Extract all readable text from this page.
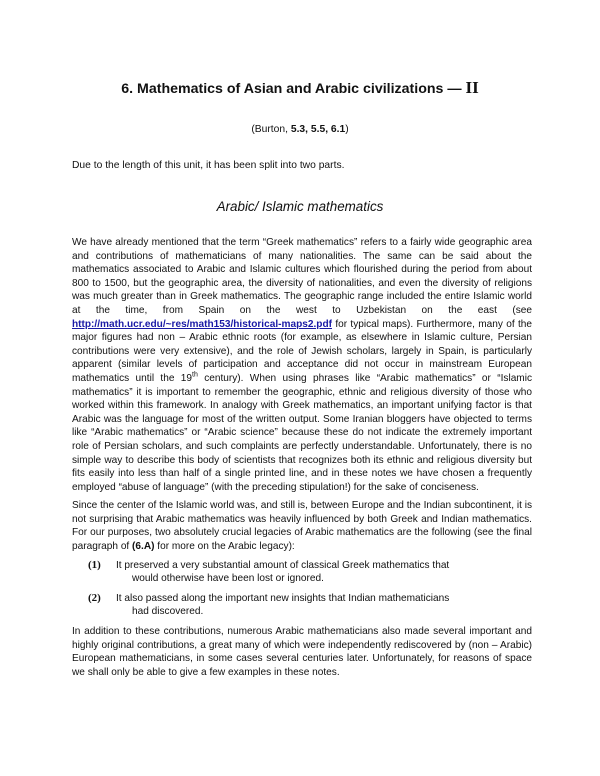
6. Mathematics of Asian and Arabic civilizations — II
(Burton, 5.3, 5.5, 6.1)
Due to the length of this unit, it has been split into two parts.
Arabic/ Islamic mathematics

We have already mentioned that the term “Greek mathematics” refers to a fairly wide geographic area and contributions of mathematicians of many nationalities. The same can be said about the mathematics associated to Arabic and Islamic cultures which flourished during the period from about 800 to 1500, but the geographic area, the diversity of nationalities, and even the diversity of religions was much greater than in Greek mathematics. The geographic range included the entire Islamic world at the time, from Spain on the west to Uzbekistan on the east (see http://math.ucr.edu/~res/math153/historical-maps2.pdf for typical maps). Furthermore, many of the major figures had non – Arabic ethnic roots (for example, as elsewhere in Islamic culture, Persian contributions were very extensive), and the role of Jewish scholars, largely in Spain, is particularly apparent (similar levels of participation and acceptance did not occur in mainstream European mathematics until the 19th century). When using phrases like “Arabic mathematics” or “Islamic mathematics” it is important to remember the geographic, ethnic and religious diversity of those who worked within this framework. In analogy with Greek mathematics, an important unifying factor is that Arabic was the language for most of the written output. Some Iranian bloggers have objected to terms like “Arabic mathematics” or “Arabic science” because these do not indicate the extremely important role of Persian scholars, and such complaints are perfectly understandable. Unfortunately, there is no simple way to describe this body of scientists that recognizes both its ethnic and religious diversity but fits easily into less than half of a single printed line, and in these notes we have chosen a frequently employed “abuse of language” (with the preceding stipulation!) for the sake of conciseness.

Since the center of the Islamic world was, and still is, between Europe and the Indian subcontinent, it is not surprising that Arabic mathematics was heavily influenced by both Greek and Indian mathematics. For our purposes, two absolutely crucial legacies of Arabic mathematics are the following (see the final paragraph of (6.A) for more on the Arabic legacy):

(1) It preserved a very substantial amount of classical Greek mathematics that
would otherwise have been lost or ignored.
(2) It also passed along the important new insights that Indian mathematicians
had discovered.

In addition to these contributions, numerous Arabic mathematicians also made several important and highly original contributions, a great many of which were independently rediscovered by (non – Arabic) European mathematicians, in some cases several centuries later. Unfortunately, for reasons of space we shall only be able to give a few examples in these notes.
